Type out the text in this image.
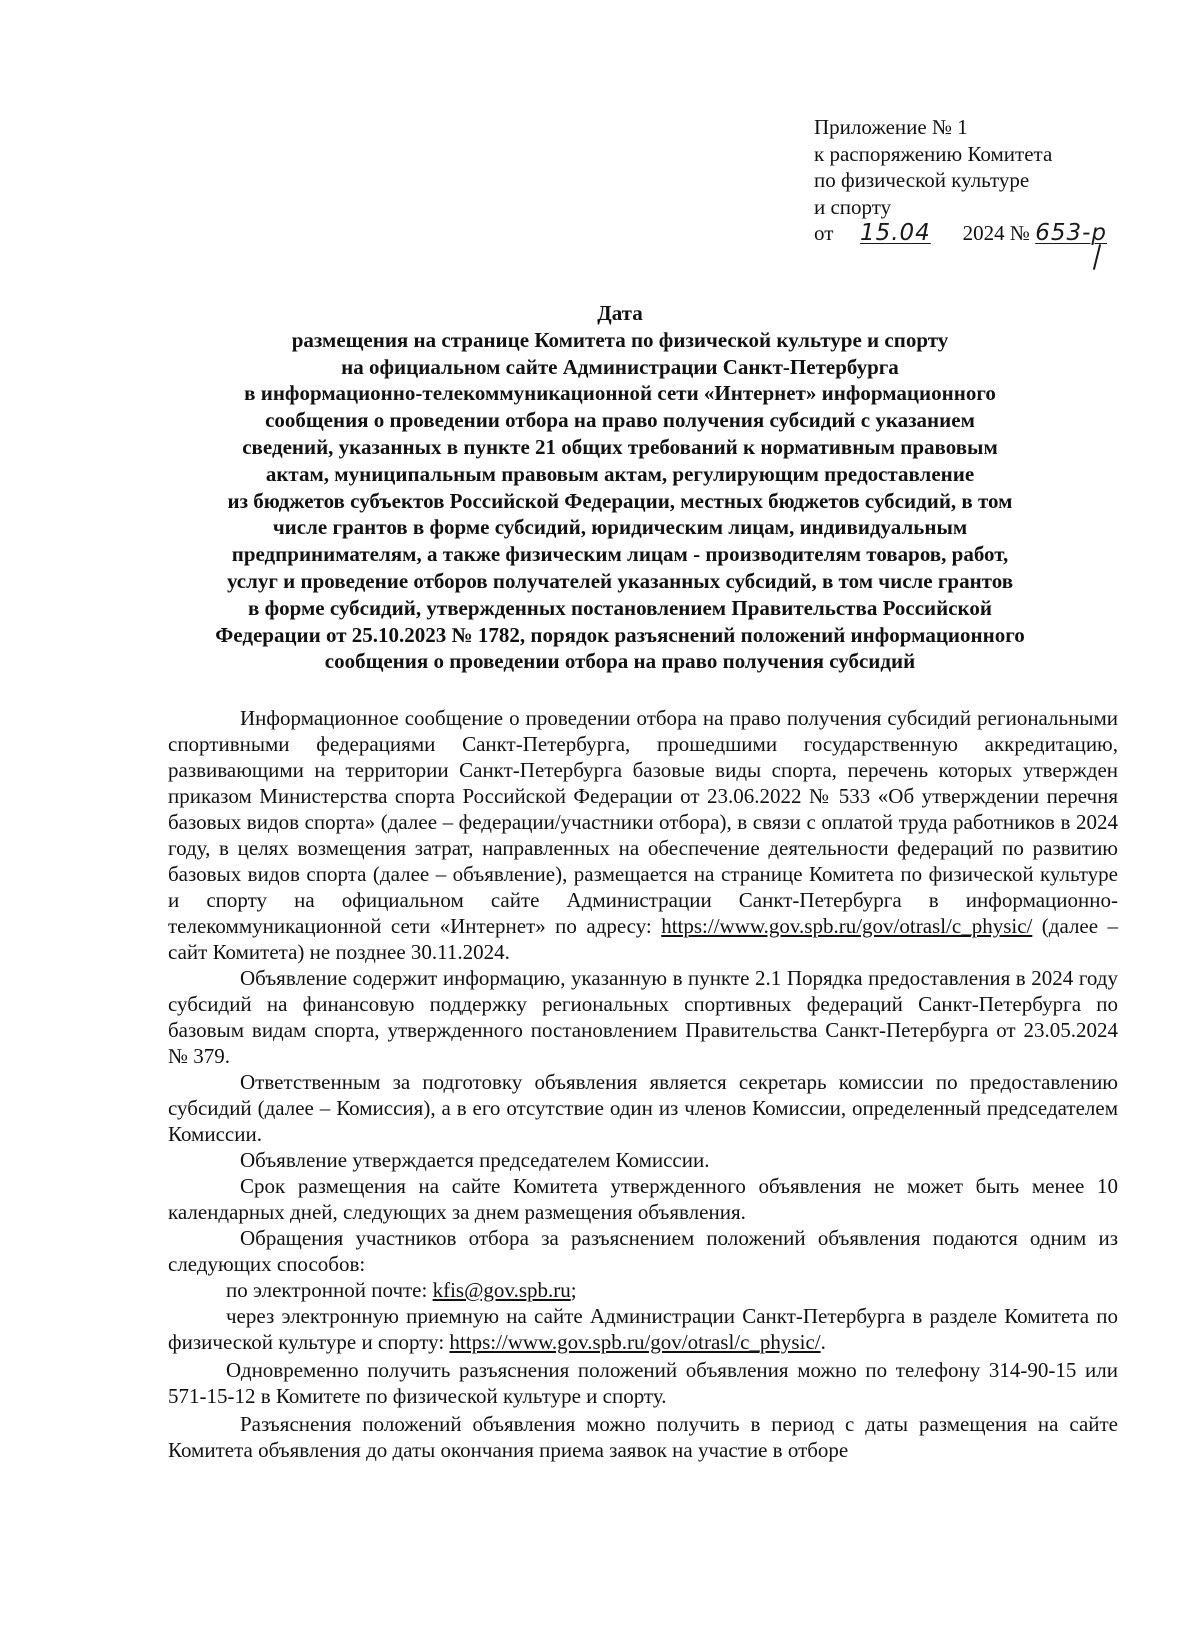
Приложение № 1
к распоряжению Комитета
по физической культуре
и спорту
от 15.04 2024 № 653-р
Дата
размещения на странице Комитета по физической культуре и спорту
на официальном сайте Администрации Санкт-Петербурга
в информационно-телекоммуникационной сети «Интернет» информационного
сообщения о проведении отбора на право получения субсидий с указанием
сведений, указанных в пункте 21 общих требований к нормативным правовым
актам, муниципальным правовым актам, регулирующим предоставление
из бюджетов субъектов Российской Федерации, местных бюджетов субсидий, в том
числе грантов в форме субсидий, юридическим лицам, индивидуальным
предпринимателям, а также физическим лицам - производителям товаров, работ,
услуг и проведение отборов получателей указанных субсидий, в том числе грантов
в форме субсидий, утвержденных постановлением Правительства Российской
Федерации от 25.10.2023 № 1782, порядок разъяснений положений информационного
сообщения о проведении отбора на право получения субсидий

Информационное сообщение о проведении отбора на право получения субсидий региональными спортивными федерациями Санкт-Петербурга, прошедшими государственную аккредитацию, развивающими на территории Санкт-Петербурга базовые виды спорта, перечень которых утвержден приказом Министерства спорта Российской Федерации от 23.06.2022 № 533 «Об утверждении перечня базовых видов спорта» (далее – федерации/участники отбора), в связи с оплатой труда работников в 2024 году, в целях возмещения затрат, направленных на обеспечение деятельности федераций по развитию базовых видов спорта (далее – объявление), размещается на странице Комитета по физической культуре и спорту на официальном сайте Администрации Санкт-Петербурга в информационно-телекоммуникационной сети «Интернет» по адресу: https://www.gov.spb.ru/gov/otrasl/c_physic/ (далее – сайт Комитета) не позднее 30.11.2024.

Объявление содержит информацию, указанную в пункте 2.1 Порядка предоставления в 2024 году субсидий на финансовую поддержку региональных спортивных федераций Санкт-Петербурга по базовым видам спорта, утвержденного постановлением Правительства Санкт-Петербурга от 23.05.2024 № 379.

Ответственным за подготовку объявления является секретарь комиссии по предоставлению субсидий (далее – Комиссия), а в его отсутствие один из членов Комиссии, определенный председателем Комиссии.

Объявление утверждается председателем Комиссии.

Срок размещения на сайте Комитета утвержденного объявления не может быть менее 10 календарных дней, следующих за днем размещения объявления.

Обращения участников отбора за разъяснением положений объявления подаются одним из следующих способов:

по электронной почте: kfis@gov.spb.ru;

через электронную приемную на сайте Администрации Санкт-Петербурга в разделе Комитета по физической культуре и спорту: https://www.gov.spb.ru/gov/otrasl/c_physic/.

Одновременно получить разъяснения положений объявления можно по телефону 314-90-15 или 571-15-12 в Комитете по физической культуре и спорту.

Разъяснения положений объявления можно получить в период с даты размещения на сайте Комитета объявления до даты окончания приема заявок на участие в отборе
